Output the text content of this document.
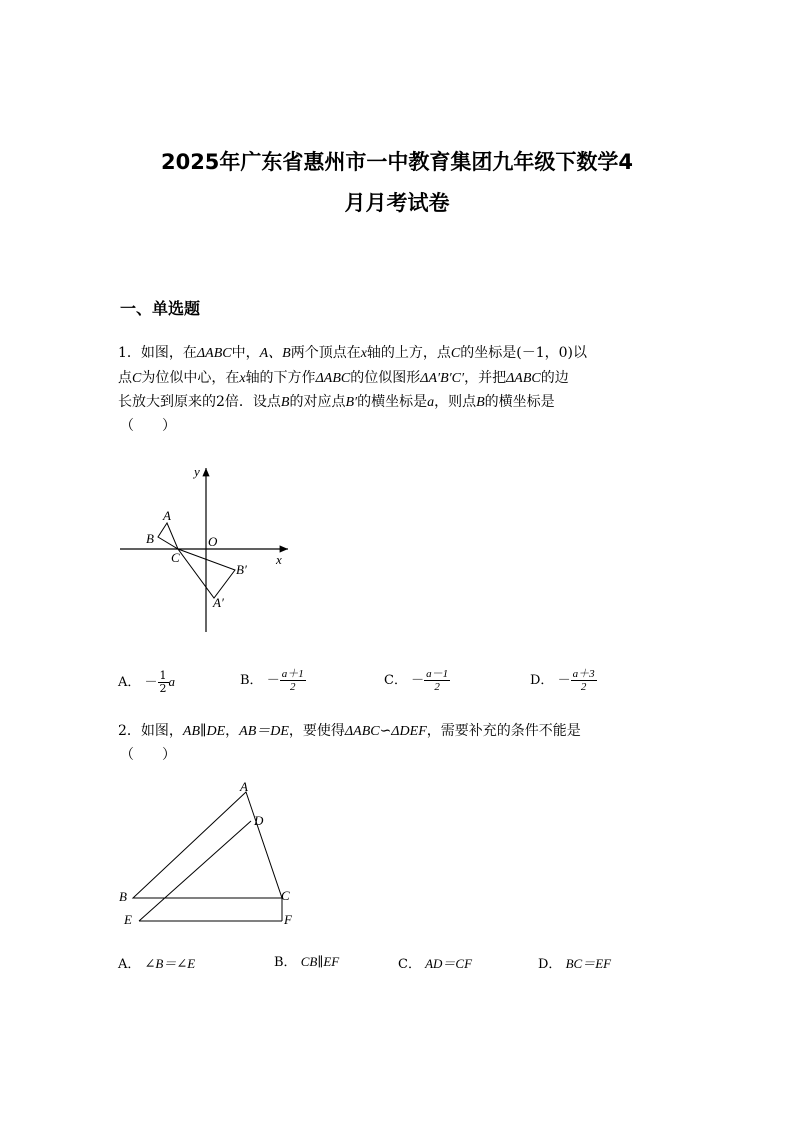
2025年广东省惠州市一中教育集团九年级下数学4
月月考试卷
一、单选题
1．如图，在ΔABC中，A、B两个顶点在x轴的上方，点C的坐标是(－1，0)以
点C为位似中心，在x轴的下方作ΔABC的位似图形ΔA′B′C′，并把ΔABC的边
长放大到原来的2倍．设点B的对应点B′的横坐标是a，则点B的横坐标是
（　　）
y
x
O
A
B
C
B′
A′
A． － $\frac{1}{2}$ a	B． － $\frac{a+1}{2}$	C． － $\frac{a-1}{2}$	D． － $\frac{a+3}{2}$
2．如图，AB∥DE，AB＝DE，要使得ΔABC∽ΔDEF，需要补充的条件不能是
（　　）
A
D
B	C
E	F
A． ∠B＝∠E	B． CB∥EF	C． AD＝CF	D． BC＝EF
